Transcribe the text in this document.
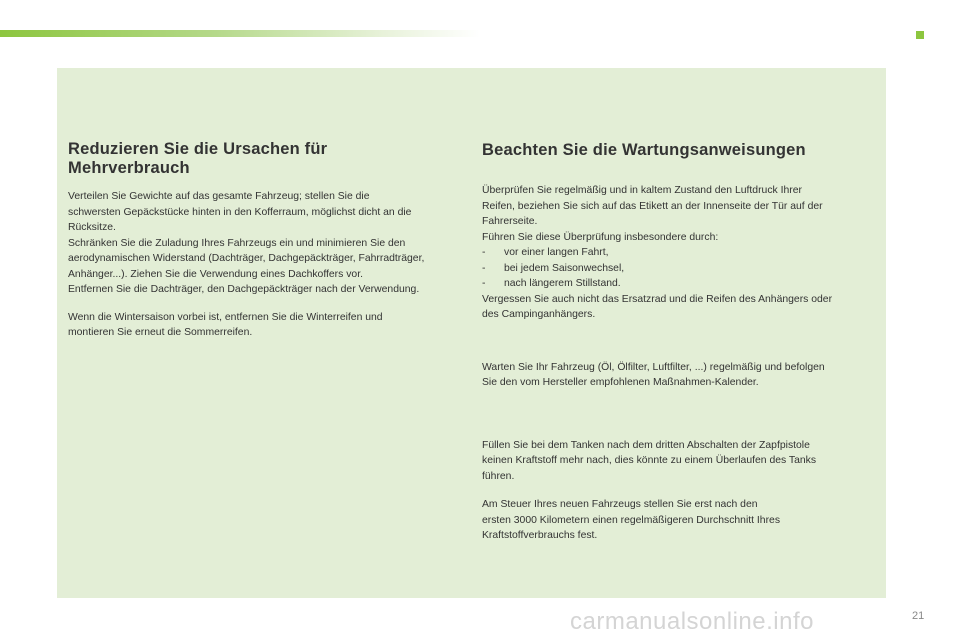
Reduzieren Sie die Ursachen für
Mehrverbrauch

Verteilen Sie Gewichte auf das gesamte Fahrzeug; stellen Sie die
schwersten Gepäckstücke hinten in den Kofferraum, möglichst dicht an die
Rücksitze.
Schränken Sie die Zuladung Ihres Fahrzeugs ein und minimieren Sie den
aerodynamischen Widerstand (Dachträger, Dachgepäckträger, Fahrradträger,
Anhänger...). Ziehen Sie die Verwendung eines Dachkoffers vor.
Entfernen Sie die Dachträger, den Dachgepäckträger nach der Verwendung.

Wenn die Wintersaison vorbei ist, entfernen Sie die Winterreifen und
montieren Sie erneut die Sommerreifen.

Beachten Sie die Wartungsanweisungen

Überprüfen Sie regelmäßig und in kaltem Zustand den Luftdruck Ihrer
Reifen, beziehen Sie sich auf das Etikett an der Innenseite der Tür auf der
Fahrerseite.
Führen Sie diese Überprüfung insbesondere durch:

-	vor einer langen Fahrt,
-	bei jedem Saisonwechsel,
-	nach längerem Stillstand.

Vergessen Sie auch nicht das Ersatzrad und die Reifen des Anhängers oder
des Campinganhängers.

Warten Sie Ihr Fahrzeug (Öl, Ölfilter, Luftfilter, ...) regelmäßig und befolgen
Sie den vom Hersteller empfohlenen Maßnahmen-Kalender.

Füllen Sie bei dem Tanken nach dem dritten Abschalten der Zapfpistole
keinen Kraftstoff mehr nach, dies könnte zu einem Überlaufen des Tanks
führen.

Am Steuer Ihres neuen Fahrzeugs stellen Sie erst nach den
ersten 3000 Kilometern einen regelmäßigeren Durchschnitt Ihres
Kraftstoffverbrauchs fest.

carmanualsonline.info	21
